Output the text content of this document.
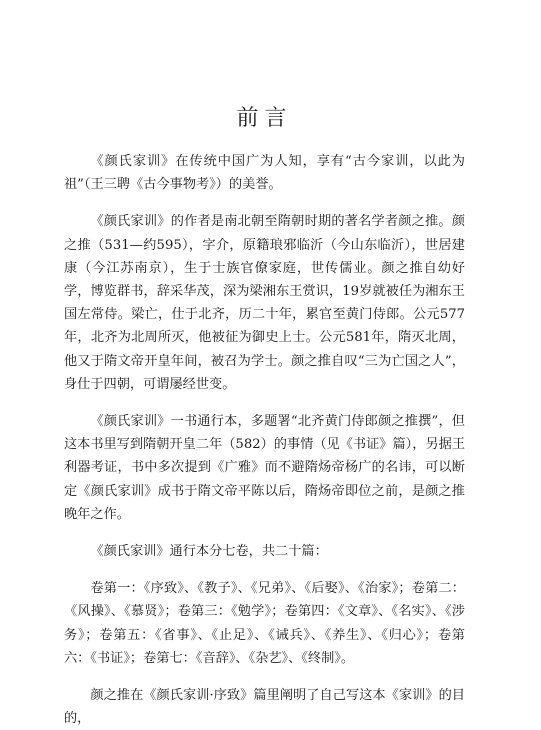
前言

《颜氏家训》在传统中国广为人知，享有“古今家训，以此为祖”（王三聘《古今事物考》）的美誉。

《颜氏家训》的作者是南北朝至隋朝时期的著名学者颜之推。颜之推（531—约595），字介，原籍琅邪临沂（今山东临沂），世居建康（今江苏南京），生于士族官僚家庭，世传儒业。颜之推自幼好学，博览群书，辞采华茂，深为梁湘东王赏识，19岁就被任为湘东王国左常侍。梁亡，仕于北齐，历二十年，累官至黄门侍郎。公元577年，北齐为北周所灭，他被征为御史上士。公元581年，隋灭北周，他又于隋文帝开皇年间，被召为学士。颜之推自叹“三为亡国之人”，身仕于四朝，可谓屡经世变。

《颜氏家训》一书通行本，多题署“北齐黄门侍郎颜之推撰”，但这本书里写到隋朝开皇二年（582）的事情（见《书证》篇），另据王利器考证，书中多次提到《广雅》而不避隋炀帝杨广的名讳，可以断定《颜氏家训》成书于隋文帝平陈以后，隋炀帝即位之前，是颜之推晚年之作。

《颜氏家训》通行本分七卷，共二十篇：

卷第一：《序致》、《教子》、《兄弟》、《后娶》、《治家》；卷第二：《风操》、《慕贤》；卷第三：《勉学》；卷第四：《文章》、《名实》、《涉务》；卷第五：《省事》、《止足》、《诫兵》、《养生》、《归心》；卷第六：《书证》；卷第七：《音辞》、《杂艺》、《终制》。

颜之推在《颜氏家训·序致》篇里阐明了自己写这本《家训》的目的，
